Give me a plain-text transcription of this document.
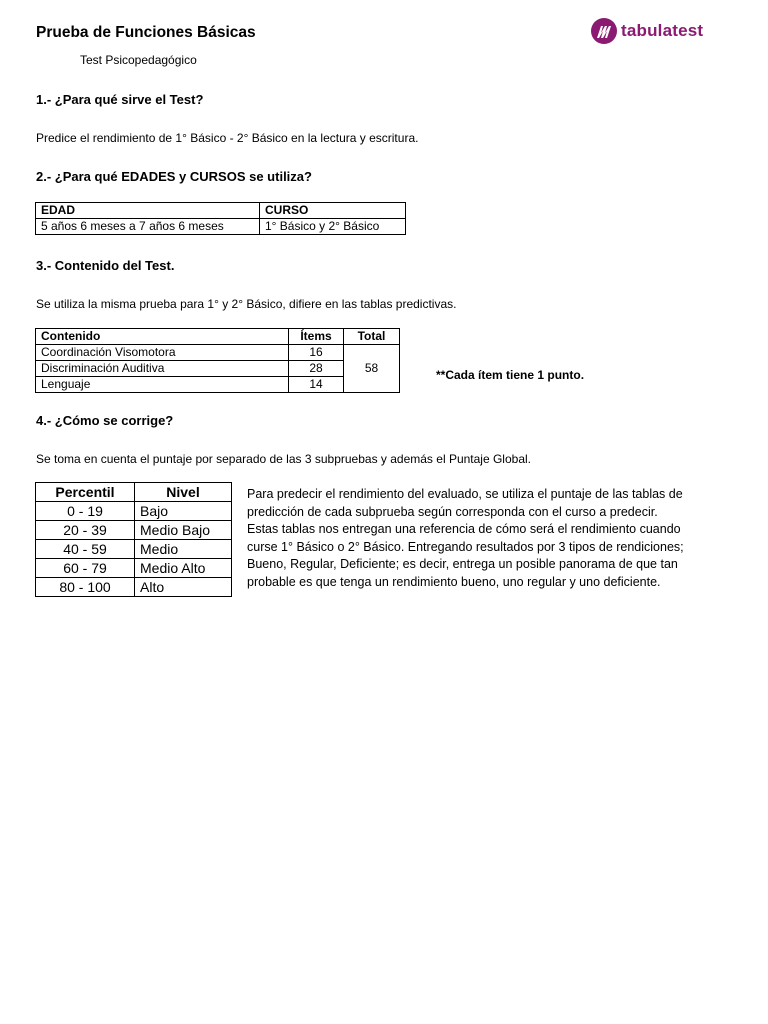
Prueba de Funciones Básicas
Test Psicopedagógico
tabulatest
1.- ¿Para qué sirve el Test?
Predice el rendimiento de 1° Básico - 2° Básico en la lectura y escritura.
2.- ¿Para qué EDADES y CURSOS se utiliza?
EDAD	CURSO
5 años 6 meses a 7 años 6 meses	1° Básico y 2° Básico
3.- Contenido del Test.
Se utiliza la misma prueba para 1° y 2° Básico, difiere en las tablas predictivas.
Contenido	Ítems	Total
Coordinación Visomotora	16	58
Discriminación Auditiva	28	
Lenguaje	14	
**Cada ítem tiene 1 punto.
4.- ¿Cómo se corrige?
Se toma en cuenta el puntaje por separado de las 3 subpruebas y además el Puntaje Global.
Percentil	Nivel
0 - 19	Bajo
20 - 39	Medio Bajo
40 - 59	Medio
60 - 79	Medio Alto
80 - 100	Alto
Para predecir el rendimiento del evaluado, se utiliza el puntaje de las tablas de
predicción de cada subprueba según corresponda con el curso a predecir.
Estas tablas nos entregan una referencia de cómo será el rendimiento cuando
curse 1° Básico o 2° Básico. Entregando resultados por 3 tipos de rendiciones;
Bueno, Regular, Deficiente; es decir, entrega un posible panorama de que tan
probable es que tenga un rendimiento bueno, uno regular y uno deficiente.
